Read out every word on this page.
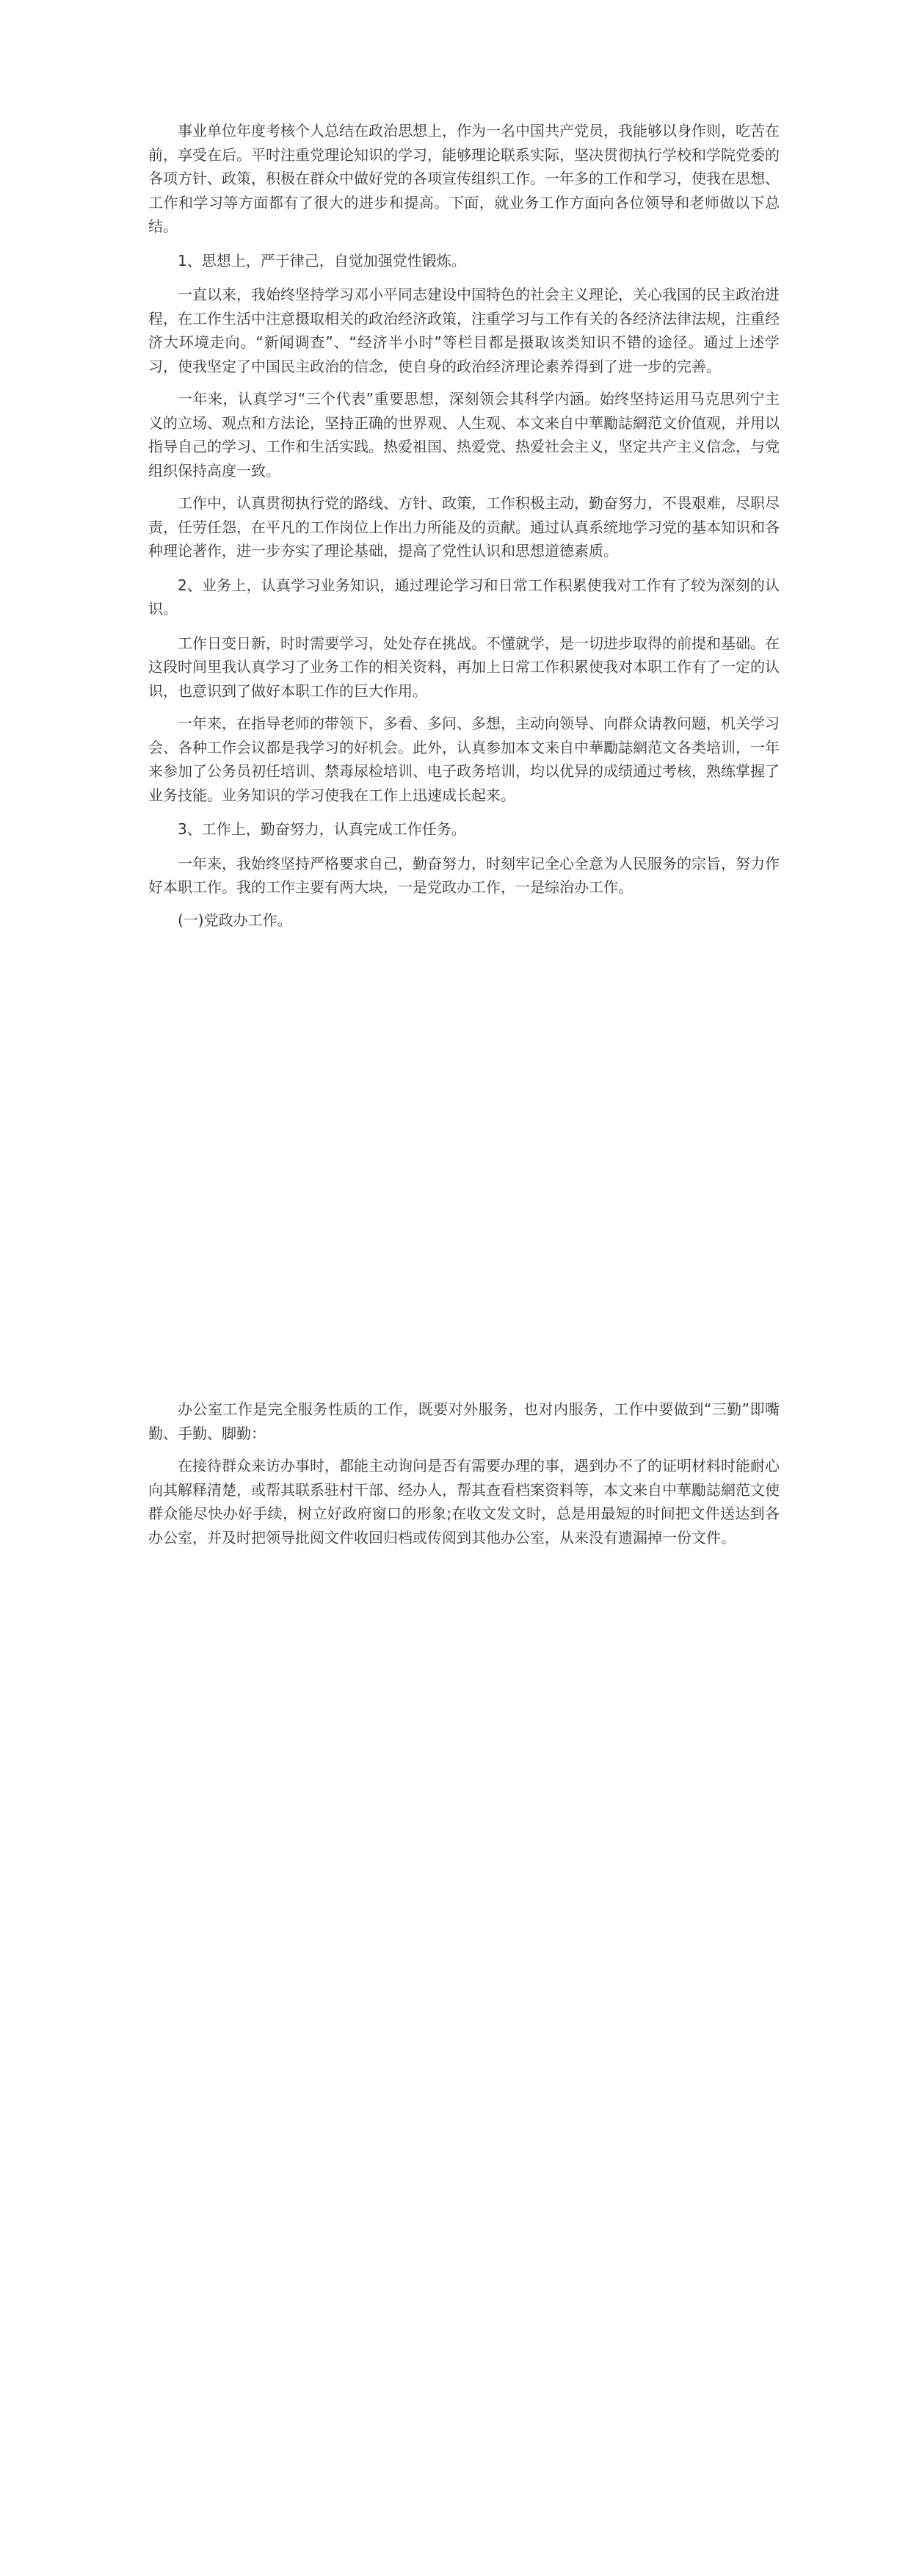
事业单位年度考核个人总结在政治思想上，作为一名中国共产党员，我能够以身作则，吃苦在前，享受在后。平时注重党理论知识的学习，能够理论联系实际，坚决贯彻执行学校和学院党委的各项方针、政策，积极在群众中做好党的各项宣传组织工作。一年多的工作和学习，使我在思想、工作和学习等方面都有了很大的进步和提高。下面，就业务工作方面向各位领导和老师做以下总结。

1、思想上，严于律己，自觉加强党性锻炼。

一直以来，我始终坚持学习邓小平同志建设中国特色的社会主义理论，关心我国的民主政治进程，在工作生活中注意摄取相关的政治经济政策，注重学习与工作有关的各经济法律法规，注重经济大环境走向。“新闻调查”、“经济半小时”等栏目都是摄取该类知识不错的途径。通过上述学习，使我坚定了中国民主政治的信念，使自身的政治经济理论素养得到了进一步的完善。

一年来，认真学习“三个代表”重要思想，深刻领会其科学内涵。始终坚持运用马克思列宁主义的立场、观点和方法论，坚持正确的世界观、人生观、本文来自中華勵誌網范文价值观，并用以指导自己的学习、工作和生活实践。热爱祖国、热爱党、热爱社会主义，坚定共产主义信念，与党组织保持高度一致。

工作中，认真贯彻执行党的路线、方针、政策，工作积极主动，勤奋努力，不畏艰难，尽职尽责，任劳任怨，在平凡的工作岗位上作出力所能及的贡献。通过认真系统地学习党的基本知识和各种理论著作，进一步夯实了理论基础，提高了党性认识和思想道德素质。

2、业务上，认真学习业务知识，通过理论学习和日常工作积累使我对工作有了较为深刻的认识。

工作日变日新，时时需要学习，处处存在挑战。不懂就学，是一切进步取得的前提和基础。在这段时间里我认真学习了业务工作的相关资料，再加上日常工作积累使我对本职工作有了一定的认识，也意识到了做好本职工作的巨大作用。

一年来，在指导老师的带领下，多看、多问、多想，主动向领导、向群众请教问题，机关学习会、各种工作会议都是我学习的好机会。此外，认真参加本文来自中華勵誌網范文各类培训，一年来参加了公务员初任培训、禁毒尿检培训、电子政务培训，均以优异的成绩通过考核，熟练掌握了业务技能。业务知识的学习使我在工作上迅速成长起来。

3、工作上，勤奋努力，认真完成工作任务。

一年来，我始终坚持严格要求自己，勤奋努力，时刻牢记全心全意为人民服务的宗旨，努力作好本职工作。我的工作主要有两大块，一是党政办工作，一是综治办工作。

(一)党政办工作。

办公室工作是完全服务性质的工作，既要对外服务，也对内服务，工作中要做到“三勤”即嘴勤、手勤、脚勤：

在接待群众来访办事时，都能主动询问是否有需要办理的事，遇到办不了的证明材料时能耐心向其解释清楚，或帮其联系驻村干部、经办人，帮其查看档案资料等，本文来自中華勵誌網范文使群众能尽快办好手续，树立好政府窗口的形象;在收文发文时，总是用最短的时间把文件送达到各办公室，并及时把领导批阅文件收回归档或传阅到其他办公室，从来没有遗漏掉一份文件。
